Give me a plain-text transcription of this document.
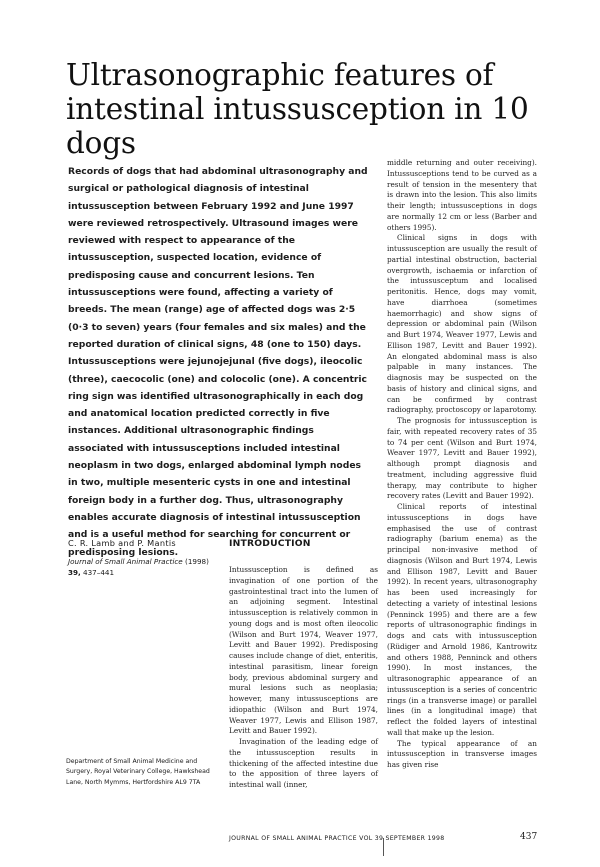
Ultrasonographic features of intestinal intussusception in 10 dogs

Records of dogs that had abdominal ultrasonography and surgical or pathological diagnosis of intestinal intussusception between February 1992 and June 1997 were reviewed retrospectively. Ultrasound images were reviewed with respect to appearance of the intussusception, suspected location, evidence of predisposing cause and concurrent lesions. Ten intussusceptions were found, affecting a variety of breeds. The mean (range) age of affected dogs was 2·5 (0·3 to seven) years (four females and six males) and the reported duration of clinical signs, 48 (one to 150) days. Intussusceptions were jejunojejunal (five dogs), ileocolic (three), caecocolic (one) and colocolic (one). A concentric ring sign was identified ultrasonographically in each dog and anatomical location predicted correctly in five instances. Additional ultrasonographic findings associated with intussusceptions included intestinal neoplasm in two dogs, enlarged abdominal lymph nodes in two, multiple mesenteric cysts in one and intestinal foreign body in a further dog. Thus, ultrasonography enables accurate diagnosis of intestinal intussusception and is a useful method for searching for concurrent or predisposing lesions.

C. R. Lamb and P. Mantis

Journal of Small Animal Practice (1998)
39, 437–441

Department of Small Animal Medicine and Surgery, Royal Veterinary College, Hawkshead Lane, North Mymms, Hertfordshire AL9 7TA

INTRODUCTION

Intussusception is defined as invagination of one portion of the gastrointestinal tract into the lumen of an adjoining segment. Intestinal intussusception is relatively common in young dogs and is most often ileocolic (Wilson and Burt 1974, Weaver 1977, Levitt and Bauer 1992). Predisposing causes include change of diet, enteritis, intestinal parasitism, linear foreign body, previous abdominal surgery and mural lesions such as neoplasia; however, many intussusceptions are idiopathic (Wilson and Burt 1974, Weaver 1977, Lewis and Ellison 1987, Levitt and Bauer 1992).

Invagination of the leading edge of the intussusception results in thickening of the affected intestine due to the apposition of three layers of intestinal wall (inner,

middle returning and outer receiving). Intussusceptions tend to be curved as a result of tension in the mesentery that is drawn into the lesion. This also limits their length; intussusceptions in dogs are normally 12 cm or less (Barber and others 1995).

Clinical signs in dogs with intussusception are usually the result of partial intestinal obstruction, bacterial overgrowth, ischaemia or infarction of the intussusceptum and localised peritonitis. Hence, dogs may vomit, have diarrhoea (sometimes haemorrhagic) and show signs of depression or abdominal pain (Wilson and Burt 1974, Weaver 1977, Lewis and Ellison 1987, Levitt and Bauer 1992). An elongated abdominal mass is also palpable in many instances. The diagnosis may be suspected on the basis of history and clinical signs, and can be confirmed by contrast radiography, proctoscopy or laparotomy.

The prognosis for intussusception is fair, with repeated recovery rates of 35 to 74 per cent (Wilson and Burt 1974, Weaver 1977, Levitt and Bauer 1992), although prompt diagnosis and treatment, including aggressive fluid therapy, may contribute to higher recovery rates (Levitt and Bauer 1992).

Clinical reports of intestinal intussusceptions in dogs have emphasised the use of contrast radiography (barium enema) as the principal non-invasive method of diagnosis (Wilson and Burt 1974, Lewis and Ellison 1987, Levitt and Bauer 1992). In recent years, ultrasonography has been used increasingly for detecting a variety of intestinal lesions (Penninck 1995) and there are a few reports of ultrasonographic findings in dogs and cats with intussusception (Rüdiger and Arnold 1986, Kantrowitz and others 1988, Penninck and others 1990). In most instances, the ultrasonographic appearance of an intussusception is a series of concentric rings (in a transverse image) or parallel lines (in a longitudinal image) that reflect the folded layers of intestinal wall that make up the lesion.

The typical appearance of an intussusception in transverse images has given rise

JOURNAL OF SMALL ANIMAL PRACTICE VOL 39 SEPTEMBER 1998	437
